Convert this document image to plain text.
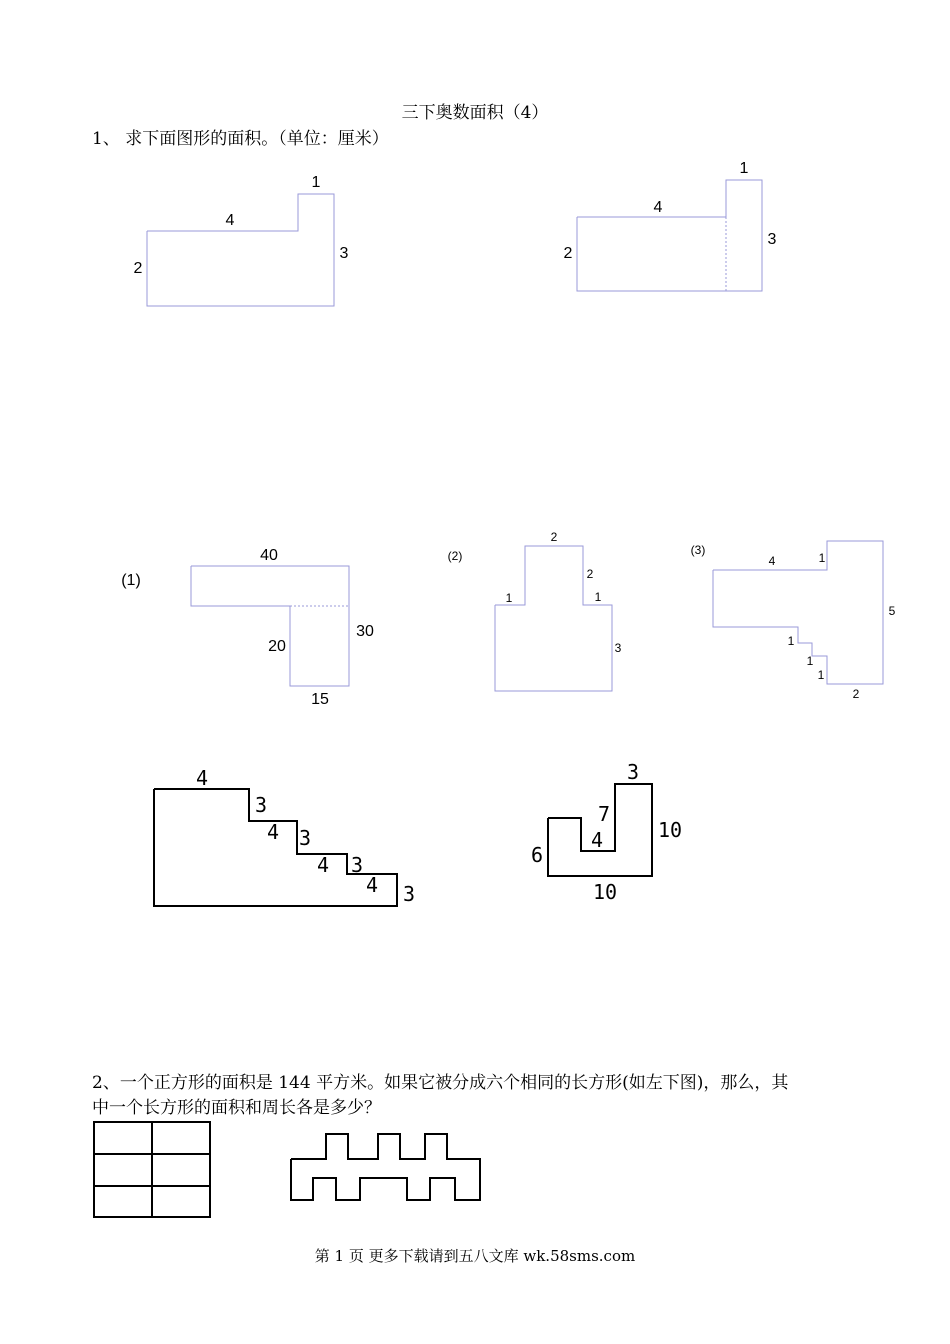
三下奥数面积（4）
1、 求下面图形的面积。（单位：厘米）
4
1
2
3
4
1
2
3
(1)
40
30
20
15
(2)
2
2
1	1
3
(3)
4	1
5
1
1
1
2
4
3
4 3
4 3
4 3
3
7
4
6
10
10
2、一个正方形的面积是 144 平方米。如果它被分成六个相同的长方形(如左下图)，那么，其
中一个长方形的面积和周长各是多少？
第 1 页 更多下载请到五八文库 wk.58sms.com
